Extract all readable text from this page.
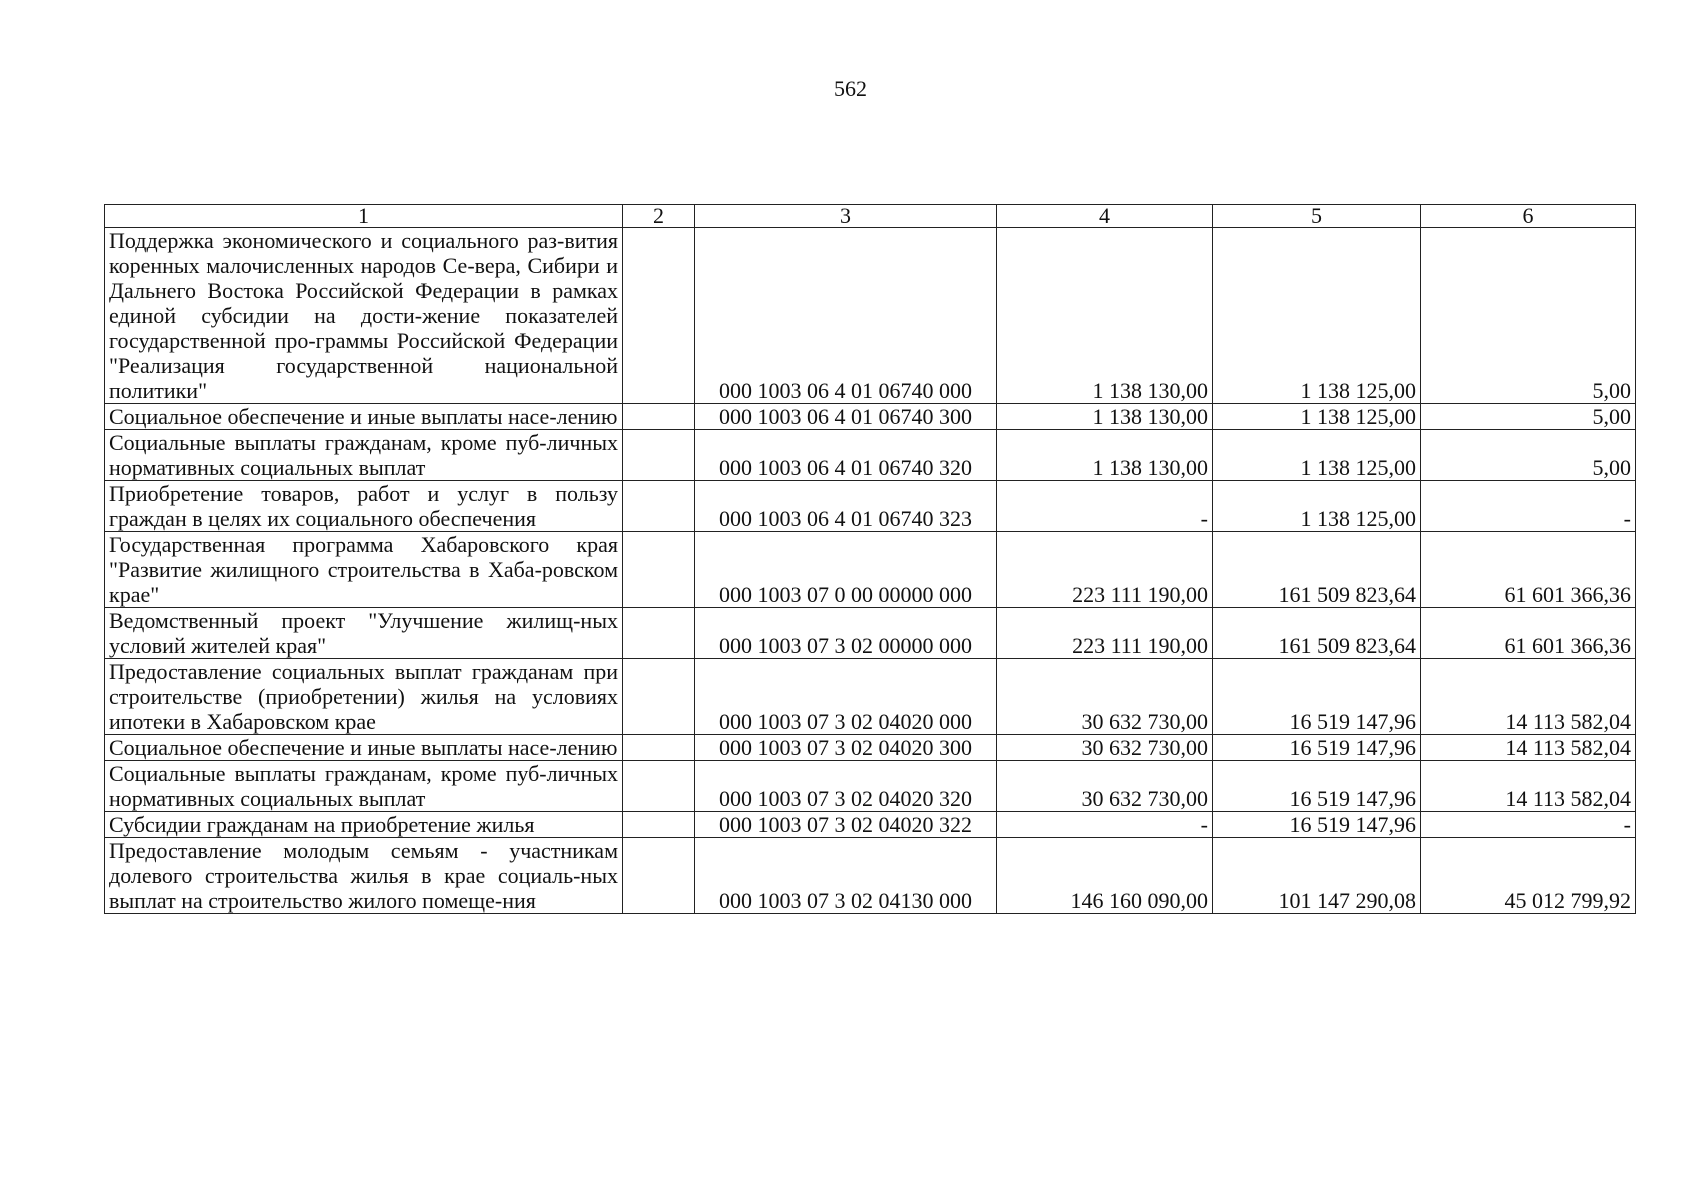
562
1	2	3	4	5	6
Поддержка экономического и социального раз-вития коренных малочисленных народов Се-вера, Сибири и Дальнего Востока Российской Федерации в рамках единой субсидии на дости-жение показателей государственной про-граммы Российской Федерации "Реализация государственной национальной политики"		000 1003 06 4 01 06740 000	1 138 130,00	1 138 125,00	5,00
Социальное обеспечение и иные выплаты насе-лению		000 1003 06 4 01 06740 300	1 138 130,00	1 138 125,00	5,00
Социальные выплаты гражданам, кроме пуб-личных нормативных социальных выплат		000 1003 06 4 01 06740 320	1 138 130,00	1 138 125,00	5,00
Приобретение товаров, работ и услуг в пользу граждан в целях их социального обеспечения		000 1003 06 4 01 06740 323	-	1 138 125,00	-
Государственная программа Хабаровского края "Развитие жилищного строительства в Хаба-ровском крае"		000 1003 07 0 00 00000 000	223 111 190,00	161 509 823,64	61 601 366,36
Ведомственный проект "Улучшение жилищ-ных условий жителей края"		000 1003 07 3 02 00000 000	223 111 190,00	161 509 823,64	61 601 366,36
Предоставление социальных выплат гражданам при строительстве (приобретении) жилья на условиях ипотеки в Хабаровском крае		000 1003 07 3 02 04020 000	30 632 730,00	16 519 147,96	14 113 582,04
Социальное обеспечение и иные выплаты насе-лению		000 1003 07 3 02 04020 300	30 632 730,00	16 519 147,96	14 113 582,04
Социальные выплаты гражданам, кроме пуб-личных нормативных социальных выплат		000 1003 07 3 02 04020 320	30 632 730,00	16 519 147,96	14 113 582,04
Субсидии гражданам на приобретение жилья		000 1003 07 3 02 04020 322	-	16 519 147,96	-
Предоставление молодым семьям - участникам долевого строительства жилья в крае социаль-ных выплат на строительство жилого помеще-ния		000 1003 07 3 02 04130 000	146 160 090,00	101 147 290,08	45 012 799,92
